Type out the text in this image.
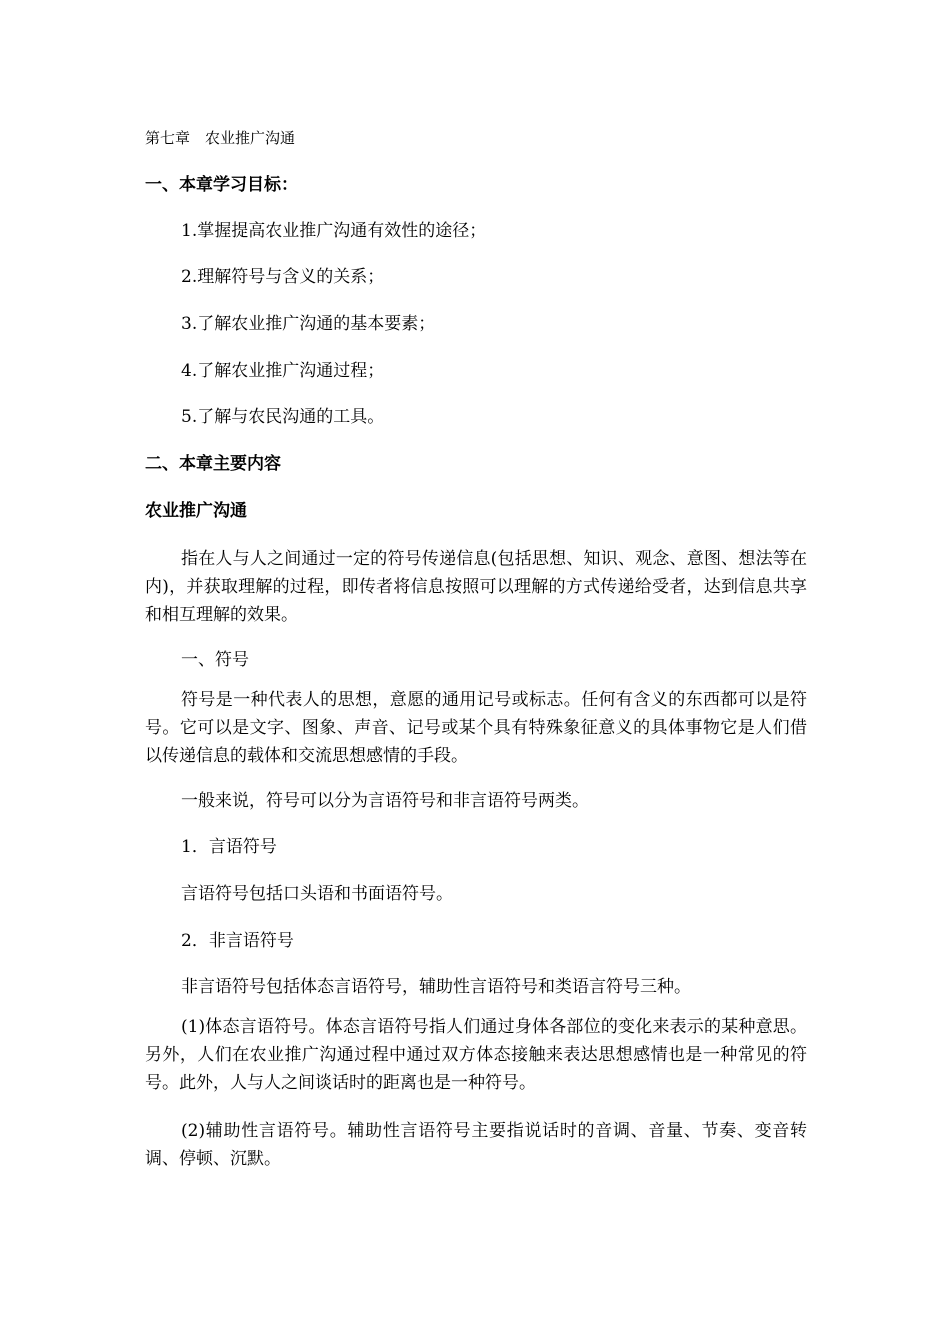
第七章　农业推广沟通
一、本章学习目标：
1.掌握提高农业推广沟通有效性的途径；
2.理解符号与含义的关系；
3.了解农业推广沟通的基本要素；
4.了解农业推广沟通过程；
5.了解与农民沟通的工具。
二、本章主要内容
农业推广沟通
指在人与人之间通过一定的符号传递信息(包括思想、知识、观念、意图、想法等在内)，并获取理解的过程，即传者将信息按照可以理解的方式传递给受者，达到信息共享和相互理解的效果。
一、符号
符号是一种代表人的思想，意愿的通用记号或标志。任何有含义的东西都可以是符号。它可以是文字、图象、声音、记号或某个具有特殊象征意义的具体事物它是人们借以传递信息的载体和交流思想感情的手段。
一般来说，符号可以分为言语符号和非言语符号两类。
1．言语符号
言语符号包括口头语和书面语符号。
2．非言语符号
非言语符号包括体态言语符号，辅助性言语符号和类语言符号三种。
(1)体态言语符号。体态言语符号指人们通过身体各部位的变化来表示的某种意思。另外，人们在农业推广沟通过程中通过双方体态接触来表达思想感情也是一种常见的符号。此外，人与人之间谈话时的距离也是一种符号。
(2)辅助性言语符号。辅助性言语符号主要指说话时的音调、音量、节奏、变音转调、停顿、沉默。
